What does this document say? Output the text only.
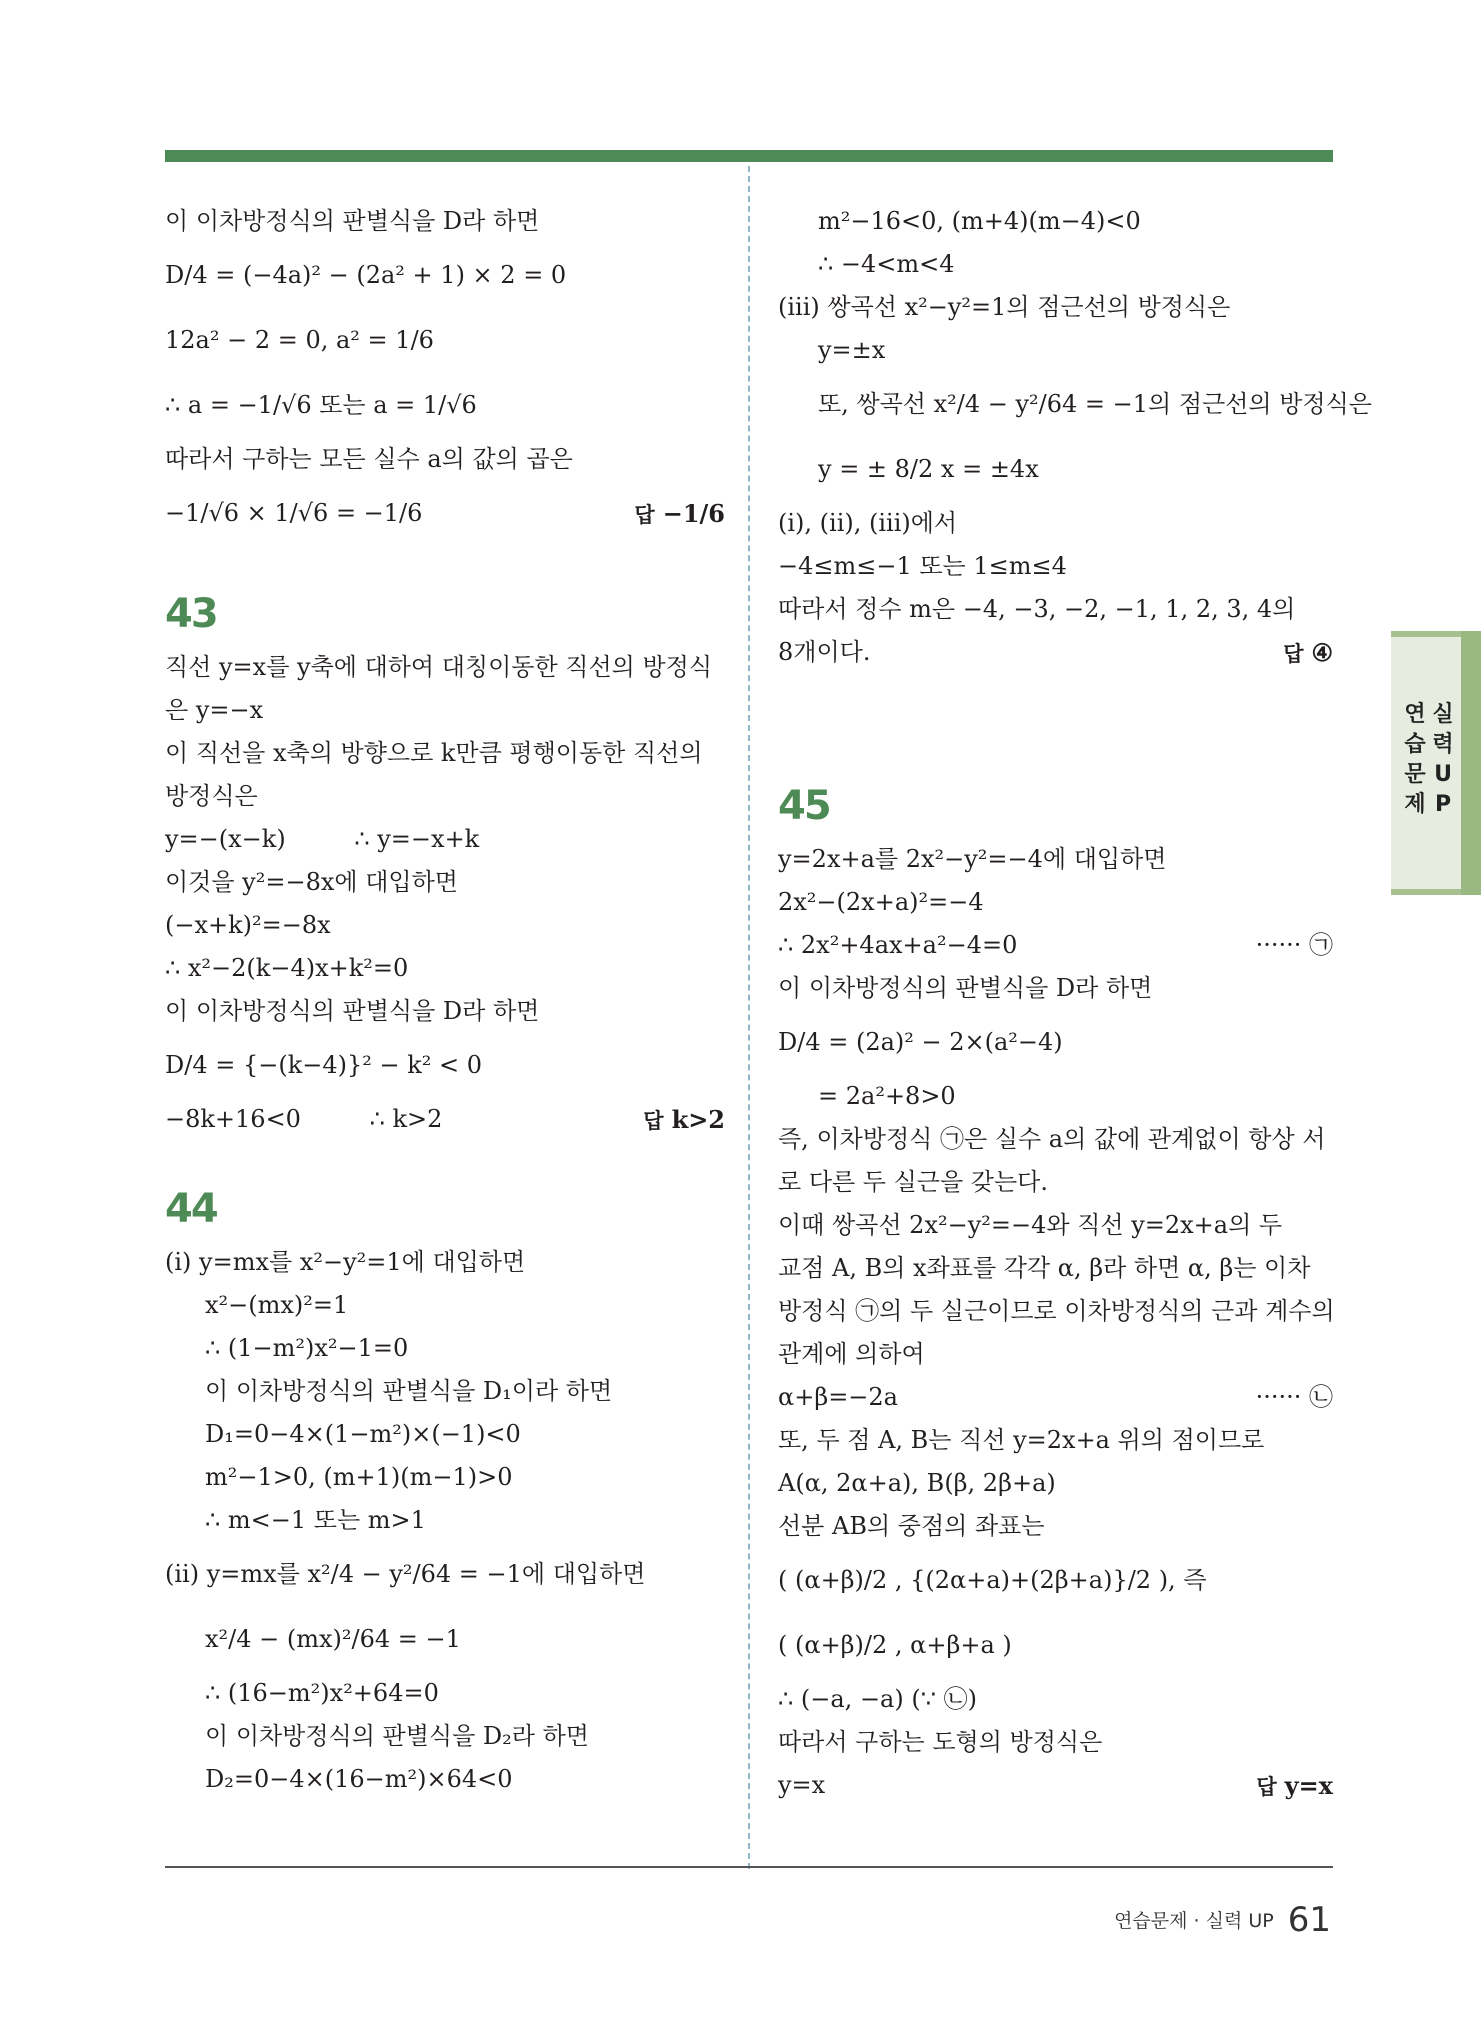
이 이차방정식의 판별식을 D라 하면
D/4 = (−4a)² − (2a² + 1) × 2 = 0
12a² − 2 = 0, a² = 1/6
∴ a = −1/√6 또는 a = 1/√6
따라서 구하는 모든 실수 a의 값의 곱은
−1/√6 × 1/√6 = −1/6	답 −1/6
43
직선 y=x를 y축에 대하여 대칭이동한 직선의 방정식
은 y=−x
이 직선을 x축의 방향으로 k만큼 평행이동한 직선의
방정식은
y=−(x−k)         ∴ y=−x+k
이것을 y²=−8x에 대입하면
(−x+k)²=−8x
∴ x²−2(k−4)x+k²=0
이 이차방정식의 판별식을 D라 하면
D/4 = {−(k−4)}² − k² < 0
−8k+16<0         ∴ k>2	답 k>2
44
(i) y=mx를 x²−y²=1에 대입하면
x²−(mx)²=1
∴ (1−m²)x²−1=0
이 이차방정식의 판별식을 D₁이라 하면
D₁=0−4×(1−m²)×(−1)<0
m²−1>0, (m+1)(m−1)>0
∴ m<−1 또는 m>1
(ii) y=mx를 x²/4 − y²/64 = −1에 대입하면
x²/4 − (mx)²/64 = −1
∴ (16−m²)x²+64=0
이 이차방정식의 판별식을 D₂라 하면
D₂=0−4×(16−m²)×64<0
m²−16<0, (m+4)(m−4)<0
∴ −4<m<4
(iii) 쌍곡선 x²−y²=1의 점근선의 방정식은
y=±x
또, 쌍곡선 x²/4 − y²/64 = −1의 점근선의 방정식은
y = ± 8/2 x = ±4x
(i), (ii), (iii)에서
−4≤m≤−1 또는 1≤m≤4
따라서 정수 m은 −4, −3, −2, −1, 1, 2, 3, 4의
8개이다.	답 ④
45
y=2x+a를 2x²−y²=−4에 대입하면
2x²−(2x+a)²=−4
∴ 2x²+4ax+a²−4=0	······ ㉠
이 이차방정식의 판별식을 D라 하면
D/4 = (2a)² − 2×(a²−4)
= 2a²+8>0
즉, 이차방정식 ㉠은 실수 a의 값에 관계없이 항상 서
로 다른 두 실근을 갖는다.
이때 쌍곡선 2x²−y²=−4와 직선 y=2x+a의 두
교점 A, B의 x좌표를 각각 α, β라 하면 α, β는 이차
방정식 ㉠의 두 실근이므로 이차방정식의 근과 계수의
관계에 의하여
α+β=−2a	······ ㉡
또, 두 점 A, B는 직선 y=2x+a 위의 점이므로
A(α, 2α+a), B(β, 2β+a)
선분 AB의 중점의 좌표는
( (α+β)/2 , {(2α+a)+(2β+a)}/2 ), 즉
( (α+β)/2 , α+β+a )
∴ (−a, −a) (∵ ㉡)
따라서 구하는 도형의 방정식은
y=x	답 y=x
연
습
문
제
실
력
U
P
연습문제 · 실력 UP 61
